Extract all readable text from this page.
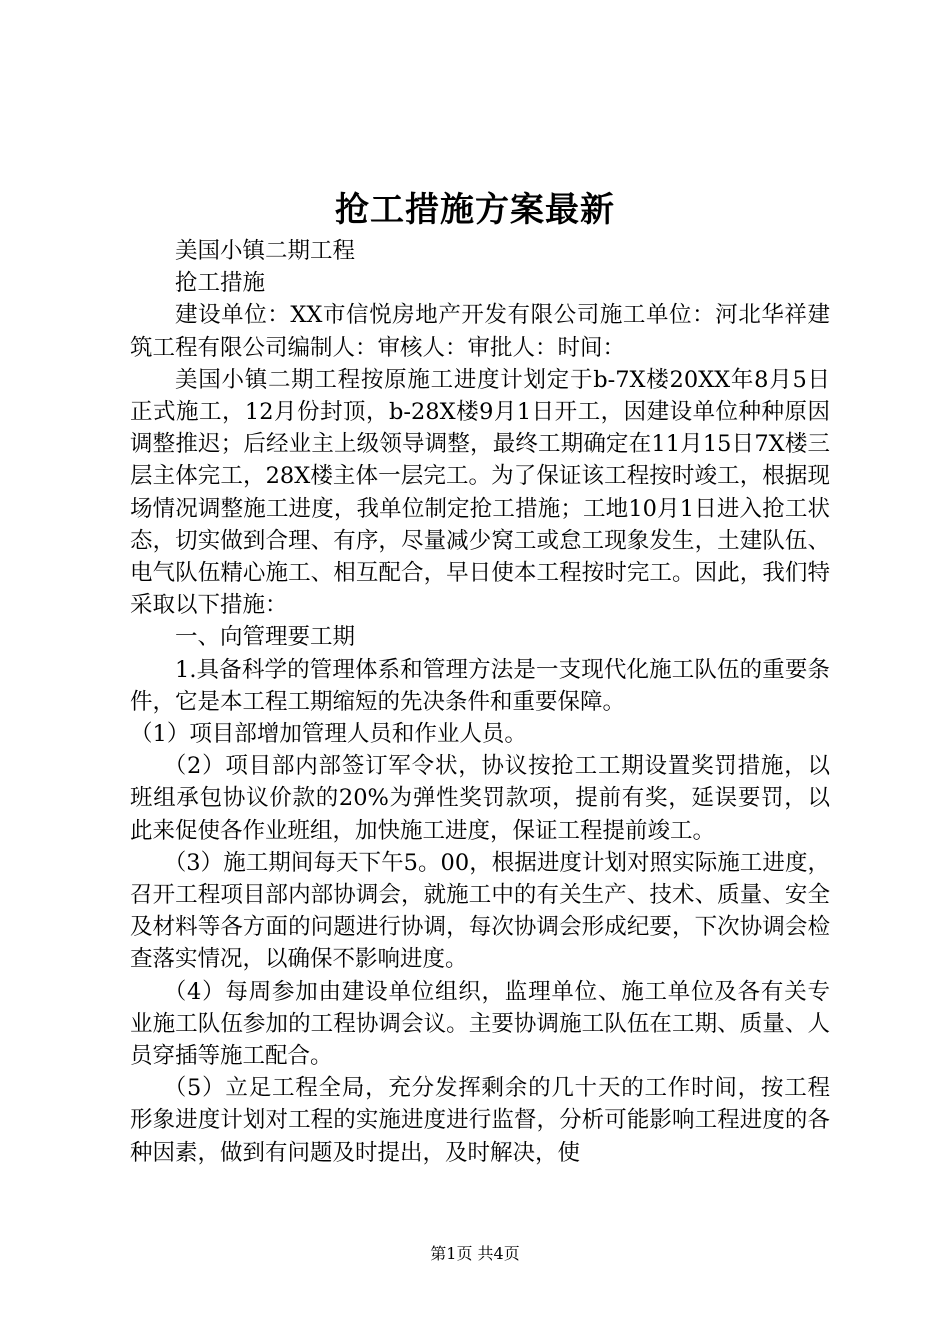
抢工措施方案最新

美国小镇二期工程

抢工措施

建设单位：XX市信悦房地产开发有限公司施工单位：河北华祥建筑工程有限公司编制人：审核人：审批人：时间：

美国小镇二期工程按原施工进度计划定于b-7X楼20XX年8月5日正式施工，12月份封顶，b-28X楼9月1日开工，因建设单位种种原因调整推迟；后经业主上级领导调整，最终工期确定在11月15日7X楼三层主体完工，28X楼主体一层完工。为了保证该工程按时竣工，根据现场情况调整施工进度，我单位制定抢工措施；工地10月1日进入抢工状态，切实做到合理、有序，尽量减少窝工或怠工现象发生，土建队伍、电气队伍精心施工、相互配合，早日使本工程按时完工。因此，我们特采取以下措施：

一、向管理要工期

1.具备科学的管理体系和管理方法是一支现代化施工队伍的重要条件，它是本工程工期缩短的先决条件和重要保障。

（1）项目部增加管理人员和作业人员。

（2）项目部内部签订军令状，协议按抢工工期设置奖罚措施，以班组承包协议价款的20%为弹性奖罚款项，提前有奖，延误要罚，以此来促使各作业班组，加快施工进度，保证工程提前竣工。

（3）施工期间每天下午5。00，根据进度计划对照实际施工进度，召开工程项目部内部协调会，就施工中的有关生产、技术、质量、安全及材料等各方面的问题进行协调，每次协调会形成纪要，下次协调会检查落实情况，以确保不影响进度。

（4）每周参加由建设单位组织，监理单位、施工单位及各有关专业施工队伍参加的工程协调会议。主要协调施工队伍在工期、质量、人员穿插等施工配合。

（5）立足工程全局，充分发挥剩余的几十天的工作时间，按工程形象进度计划对工程的实施进度进行监督，分析可能影响工程进度的各种因素，做到有问题及时提出，及时解决，使

第1页 共4页
